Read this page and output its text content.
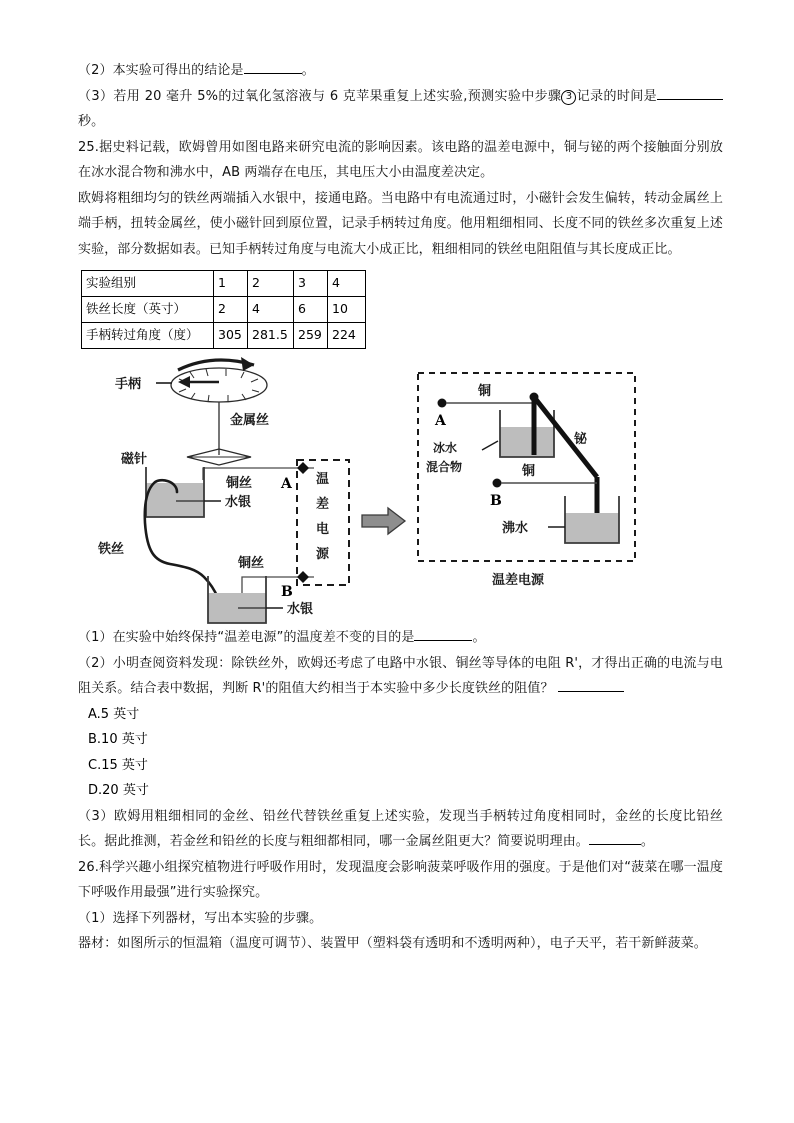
（2）本实验可得出的结论是	。

（3）若用 20 毫升 5%的过氧化氢溶液与 6 克苹果重复上述实验,预测实验中步骤 3 记录的时间是秒。

25.据史料记载，欧姆曾用如图电路来研究电流的影响因素。该电路的温差电源中，铜与铋的两个接触面分别放在冰水混合物和沸水中，AB 两端存在电压，其电压大小由温度差决定。

欧姆将粗细均匀的铁丝两端插入水银中，接通电路。当电路中有电流通过时，小磁针会发生偏转，转动金属丝上端手柄，扭转金属丝，使小磁针回到原位置，记录手柄转过角度。他用粗细相同、长度不同的铁丝多次重复上述实验，部分数据如表。已知手柄转过角度与电流大小成正比，粗细相同的铁丝电阻阻值与其长度成正比。

实验组别	1	2	3	4
铁丝长度（英寸）	2	4	6	10
手柄转过角度（度）	305	281.5	259	224
手柄
金属丝
磁针
铜丝
水银
铁丝
铜丝
水银
A
B
温
差
电
源
铜
A
冰水
混合物
铋
铜
B
沸水
温差电源

（1）在实验中始终保持“温差电源”的温度差不变的目的是	。

（2）小明查阅资料发现：除铁丝外，欧姆还考虑了电路中水银、铜丝等导体的电阻 R'，才得出正确的电流与电阻关系。结合表中数据，判断 R'的阻值大约相当于本实验中多少长度铁丝的阻值？

A.5 英寸

B.10 英寸

C.15 英寸

D.20 英寸

（3）欧姆用粗细相同的金丝、铅丝代替铁丝重复上述实验，发现当手柄转过角度相同时，金丝的长度比铅丝长。据此推测，若金丝和铅丝的长度与粗细都相同，哪一金属丝阻更大？简要说明理由。	。

26.科学兴趣小组探究植物进行呼吸作用时，发现温度会影响菠菜呼吸作用的强度。于是他们对“菠菜在哪一温度下呼吸作用最强”进行实验探究。

（1）选择下列器材，写出本实验的步骤。

器材：如图所示的恒温箱（温度可调节）、装置甲（塑料袋有透明和不透明两种），电子天平，若干新鲜菠菜。
